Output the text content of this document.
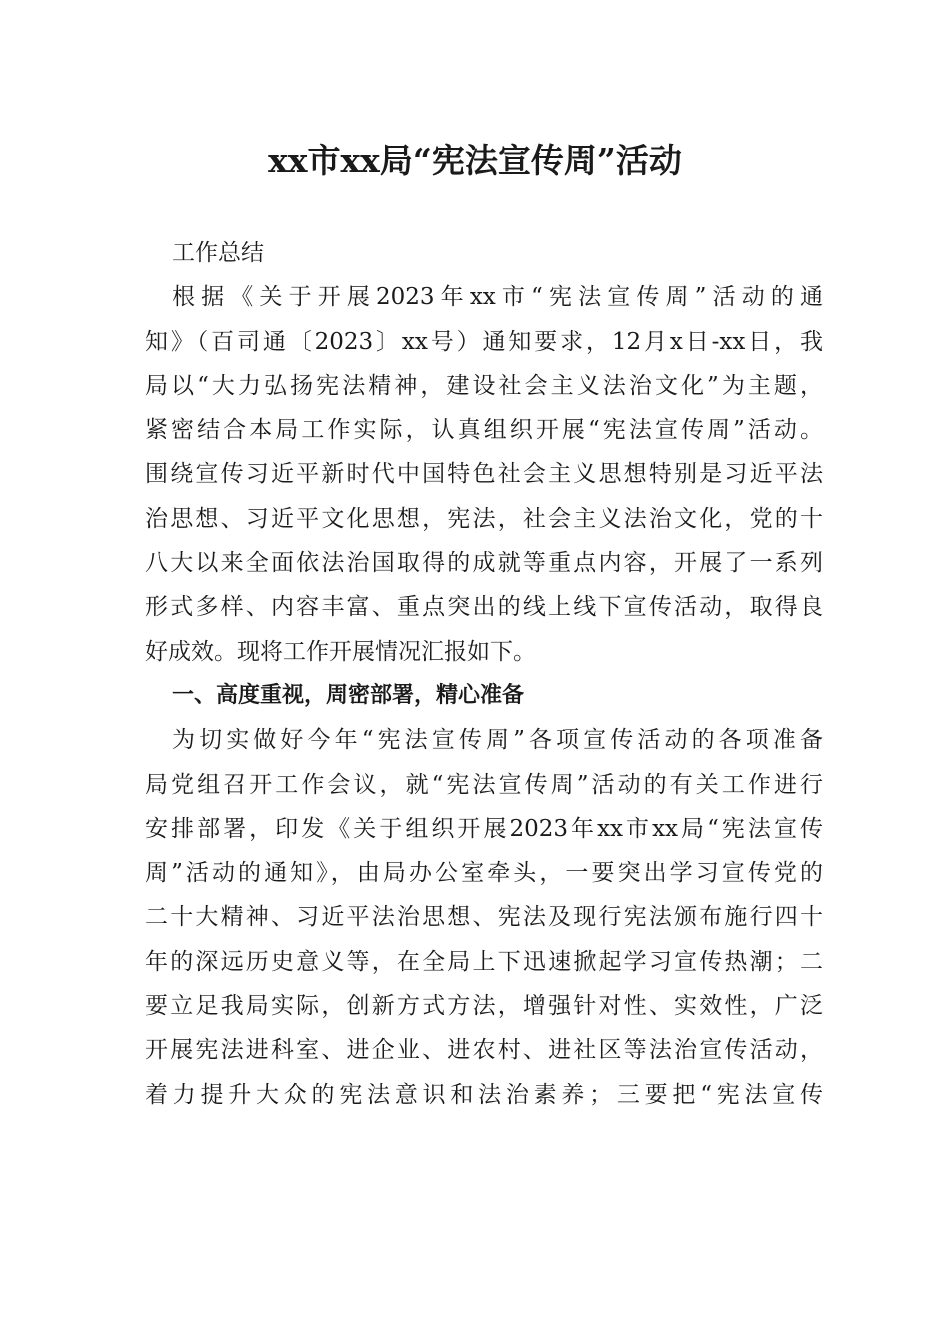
xx市xx局“宪法宣传周”活动
工作总结
根据《关于开展2023年xx市“宪法宣传周”活动的通
知》（百司通〔2023〕xx号）通知要求，12月x日-xx日，我
局以“大力弘扬宪法精神，建设社会主义法治文化”为主题，
紧密结合本局工作实际，认真组织开展“宪法宣传周”活动。
围绕宣传习近平新时代中国特色社会主义思想特别是习近平法
治思想、习近平文化思想，宪法，社会主义法治文化，党的十
八大以来全面依法治国取得的成就等重点内容，开展了一系列
形式多样、内容丰富、重点突出的线上线下宣传活动，取得良
好成效。现将工作开展情况汇报如下。
一、高度重视，周密部署，精心准备
为切实做好今年“宪法宣传周”各项宣传活动的各项准备
局党组召开工作会议，就“宪法宣传周”活动的有关工作进行
安排部署，印发《关于组织开展2023年xx市xx局“宪法宣传
周”活动的通知》，由局办公室牵头，一要突出学习宣传党的
二十大精神、习近平法治思想、宪法及现行宪法颁布施行四十
年的深远历史意义等，在全局上下迅速掀起学习宣传热潮；二
要立足我局实际，创新方式方法，增强针对性、实效性，广泛
开展宪法进科室、进企业、进农村、进社区等法治宣传活动，
着力提升大众的宪法意识和法治素养；三要把“宪法宣传
